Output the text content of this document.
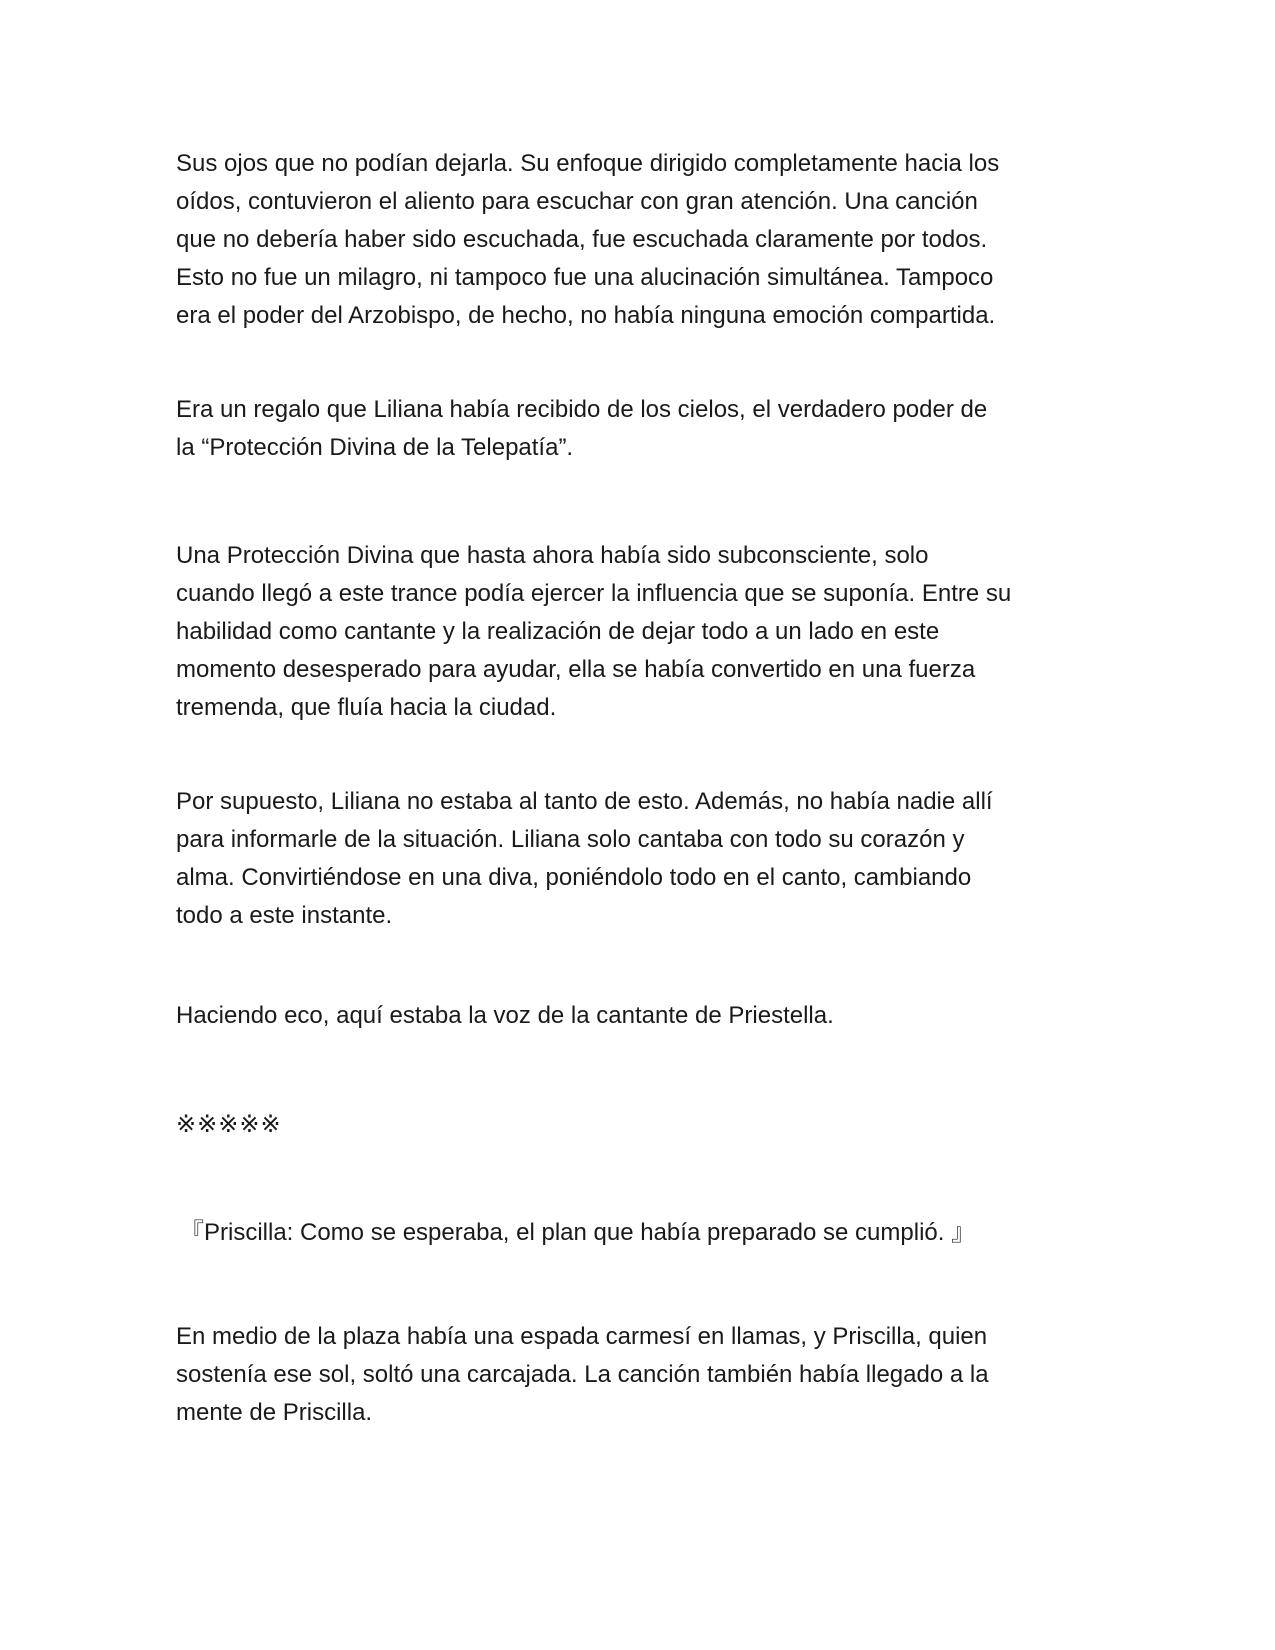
Sus ojos que no podían dejarla. Su enfoque dirigido completamente hacia los
oídos, contuvieron el aliento para escuchar con gran atención. Una canción
que no debería haber sido escuchada, fue escuchada claramente por todos.
Esto no fue un milagro, ni tampoco fue una alucinación simultánea. Tampoco
era el poder del Arzobispo, de hecho, no había ninguna emoción compartida.

Era un regalo que Liliana había recibido de los cielos, el verdadero poder de
la “Protección Divina de la Telepatía”.

Una Protección Divina que hasta ahora había sido subconsciente, solo
cuando llegó a este trance podía ejercer la influencia que se suponía. Entre su
habilidad como cantante y la realización de dejar todo a un lado en este
momento desesperado para ayudar, ella se había convertido en una fuerza
tremenda, que fluía hacia la ciudad.

Por supuesto, Liliana no estaba al tanto de esto. Además, no había nadie allí
para informarle de la situación. Liliana solo cantaba con todo su corazón y
alma. Convirtiéndose en una diva, poniéndolo todo en el canto, cambiando
todo a este instante.

Haciendo eco, aquí estaba la voz de la cantante de Priestella.

※※※※※

『Priscilla: Como se esperaba, el plan que había preparado se cumplió. 』

En medio de la plaza había una espada carmesí en llamas, y Priscilla, quien
sostenía ese sol, soltó una carcajada. La canción también había llegado a la
mente de Priscilla.
